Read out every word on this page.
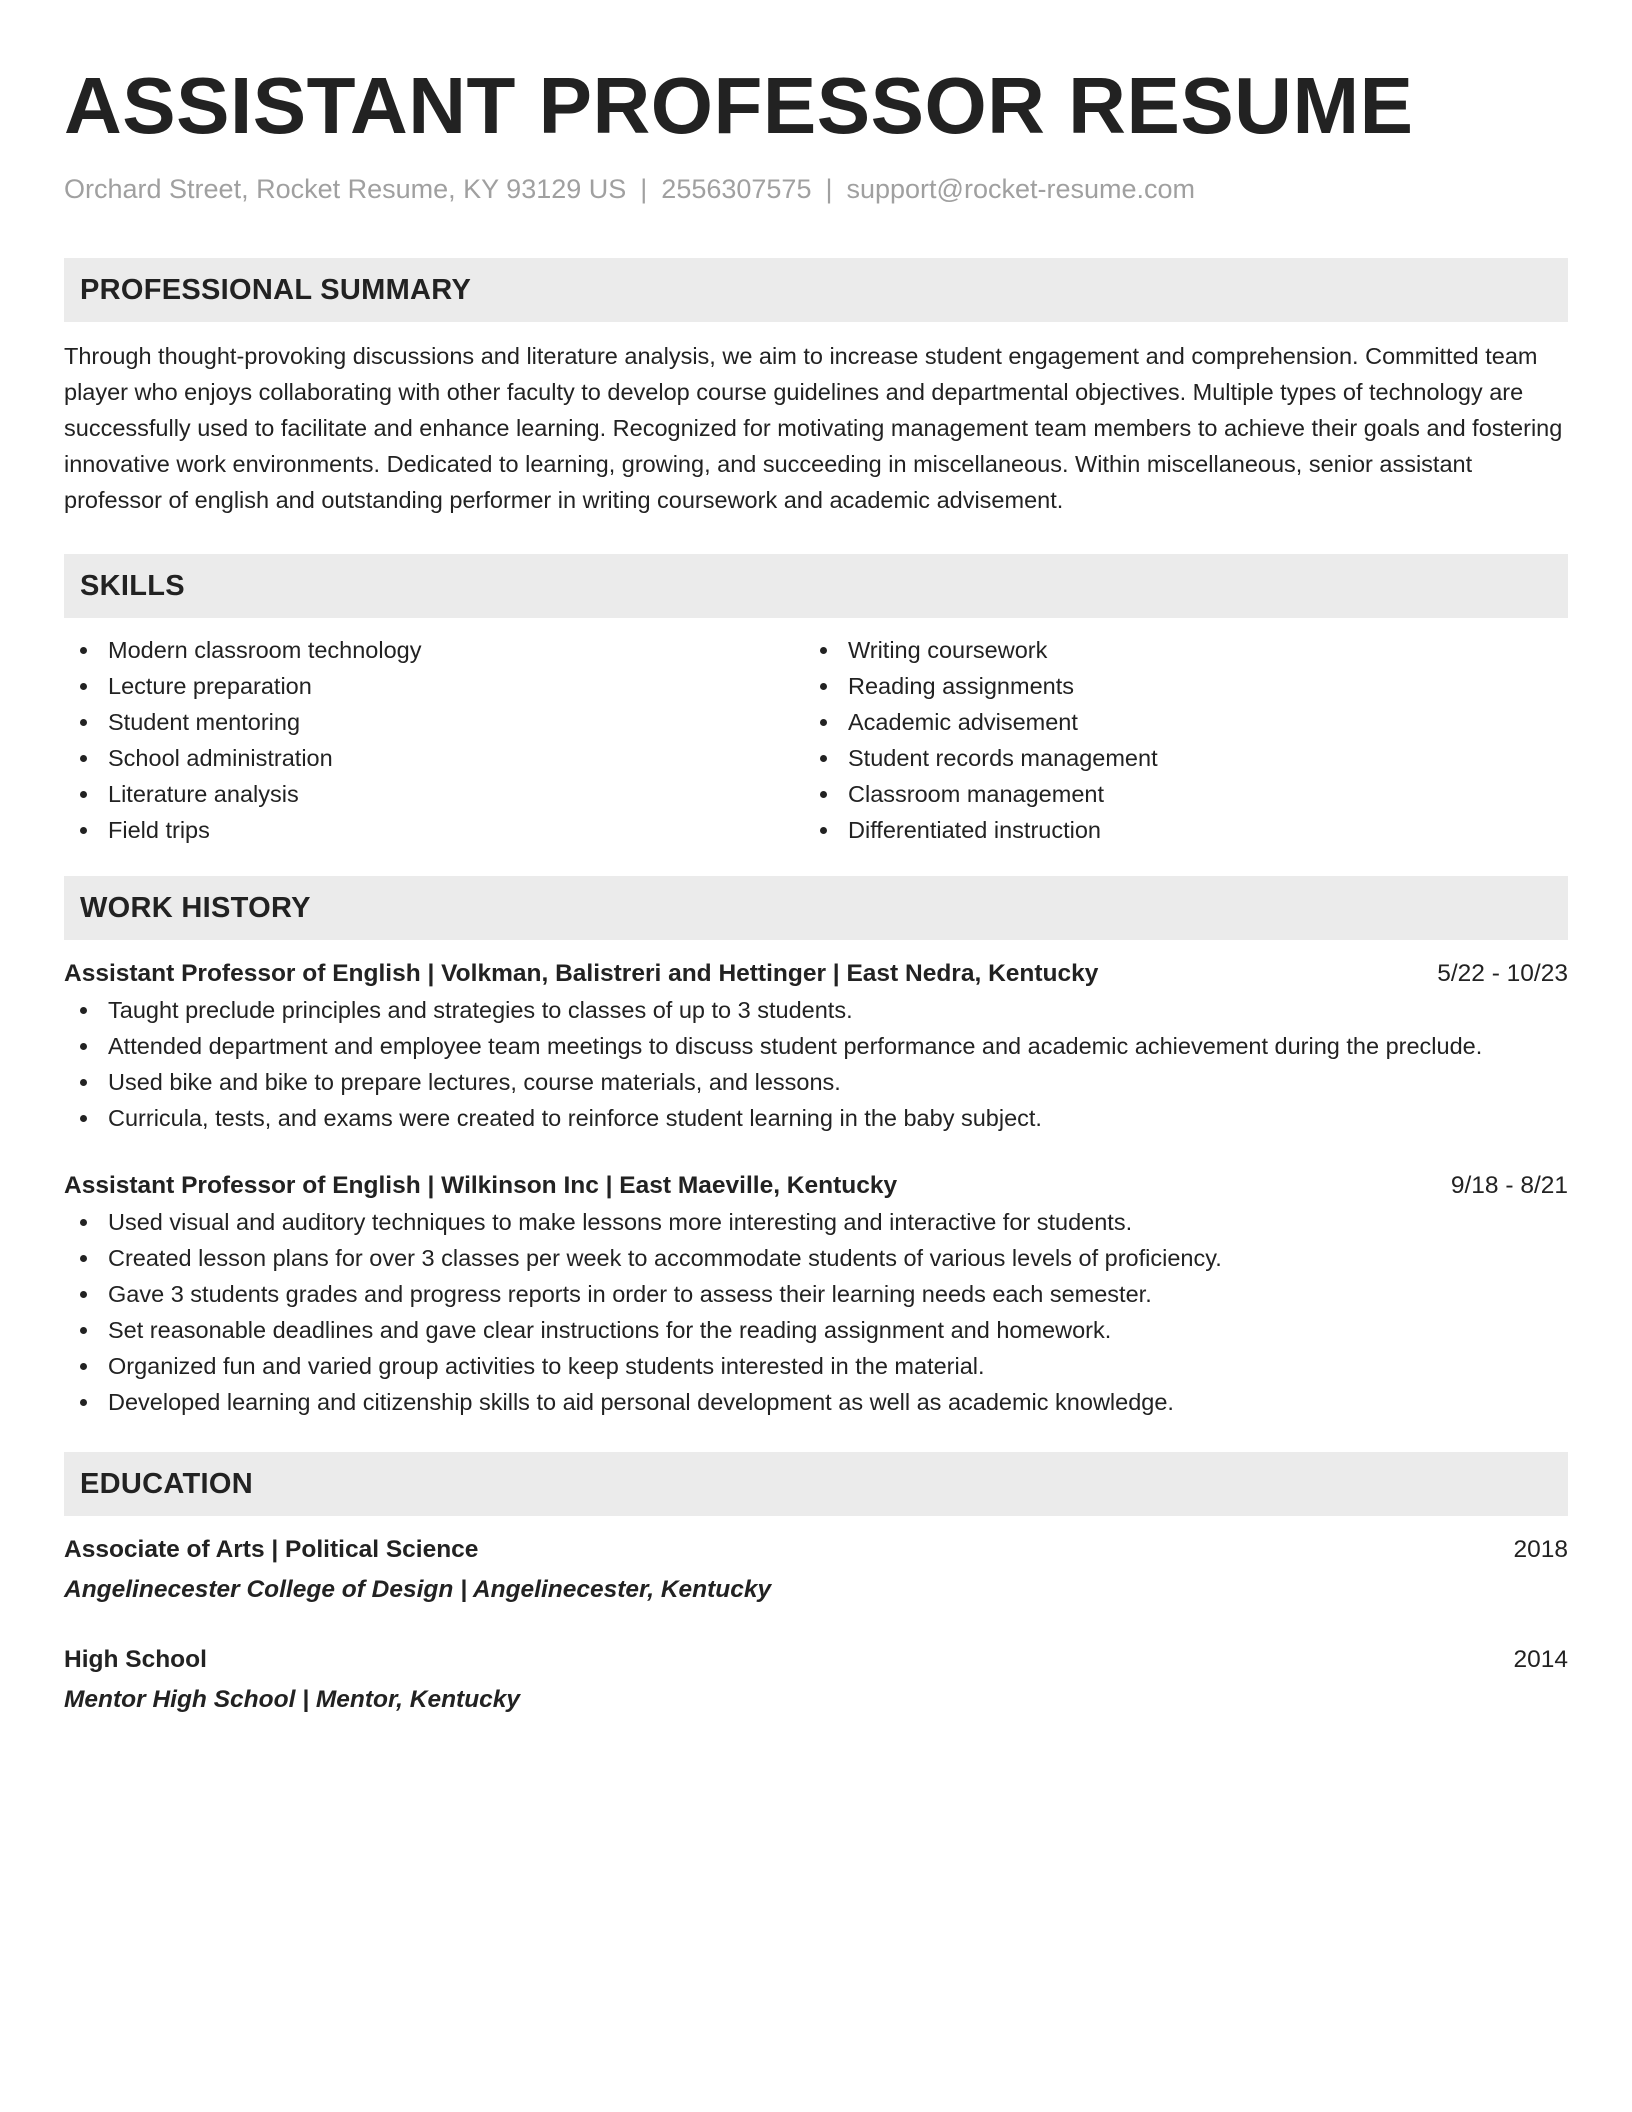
ASSISTANT PROFESSOR RESUME
Orchard Street, Rocket Resume, KY 93129 US | 2556307575 | support@rocket-resume.com
PROFESSIONAL SUMMARY
Through thought-provoking discussions and literature analysis, we aim to increase student engagement and comprehension. Committed team player who enjoys collaborating with other faculty to develop course guidelines and departmental objectives. Multiple types of technology are successfully used to facilitate and enhance learning. Recognized for motivating management team members to achieve their goals and fostering innovative work environments. Dedicated to learning, growing, and succeeding in miscellaneous. Within miscellaneous, senior assistant professor of english and outstanding performer in writing coursework and academic advisement.
SKILLS
Modern classroom technology
Lecture preparation
Student mentoring
School administration
Literature analysis
Field trips
Writing coursework
Reading assignments
Academic advisement
Student records management
Classroom management
Differentiated instruction
WORK HISTORY
Assistant Professor of English | Volkman, Balistreri and Hettinger | East Nedra, Kentucky	5/22 - 10/23
Taught preclude principles and strategies to classes of up to 3 students.
Attended department and employee team meetings to discuss student performance and academic achievement during the preclude.
Used bike and bike to prepare lectures, course materials, and lessons.
Curricula, tests, and exams were created to reinforce student learning in the baby subject.
Assistant Professor of English | Wilkinson Inc | East Maeville, Kentucky	9/18 - 8/21
Used visual and auditory techniques to make lessons more interesting and interactive for students.
Created lesson plans for over 3 classes per week to accommodate students of various levels of proficiency.
Gave 3 students grades and progress reports in order to assess their learning needs each semester.
Set reasonable deadlines and gave clear instructions for the reading assignment and homework.
Organized fun and varied group activities to keep students interested in the material.
Developed learning and citizenship skills to aid personal development as well as academic knowledge.
EDUCATION
Associate of Arts | Political Science	2018
Angelinecester College of Design | Angelinecester, Kentucky
High School	2014
Mentor High School | Mentor, Kentucky
